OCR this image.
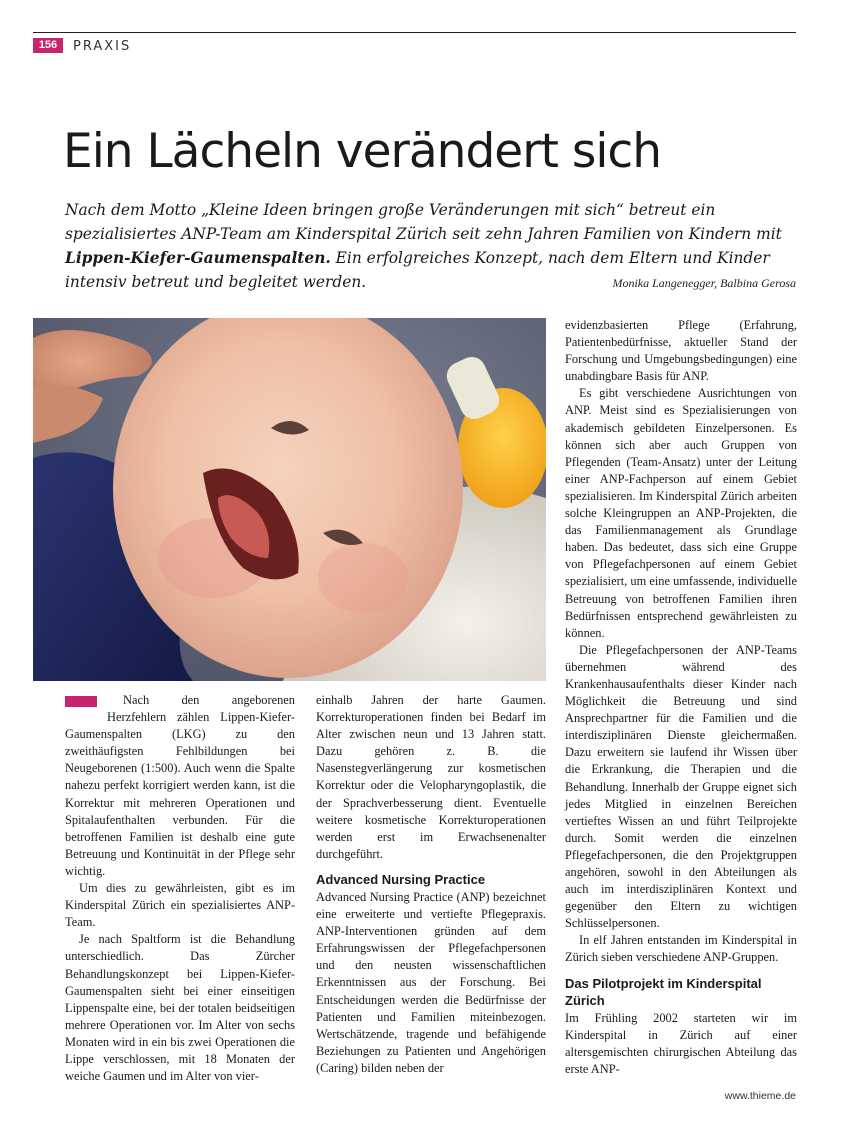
156	PRAXIS
Ein Lächeln verändert sich

Nach dem Motto „Kleine Ideen bringen große Veränderungen mit sich“ betreut ein spezialisiertes ANP-Team am Kinderspital Zürich seit zehn Jahren Familien von Kindern mit Lippen-Kiefer-Gaumenspalten. Ein erfolgreiches Konzept, nach dem Eltern und Kinder intensiv betreut und begleitet werden.	Monika Langenegger, Balbina Gerosa

Nach den angeborenen Herzfehlern zählen Lippen-Kiefer-Gaumenspalten (LKG) zu den zweithäufigsten Fehlbildungen bei Neugeborenen (1:500). Auch wenn die Spalte nahezu perfekt korrigiert werden kann, ist die Korrektur mit mehreren Operationen und Spitalaufenthalten verbunden. Für die betroffenen Familien ist deshalb eine gute Betreuung und Kontinuität in der Pflege sehr wichtig.

Um dies zu gewährleisten, gibt es im Kinderspital Zürich ein spezialisiertes ANP-Team.

Je nach Spaltform ist die Behandlung unterschiedlich. Das Zürcher Behandlungskonzept bei Lippen-Kiefer-Gaumenspalten sieht bei einer einseitigen Lippenspalte eine, bei der totalen beidseitigen mehrere Operationen vor. Im Alter von sechs Monaten wird in ein bis zwei Operationen die Lippe verschlossen, mit 18 Monaten der weiche Gaumen und im Alter von vier-

einhalb Jahren der harte Gaumen. Korrekturoperationen finden bei Bedarf im Alter zwischen neun und 13 Jahren statt. Dazu gehören z. B. die Nasenstegverlängerung zur kosmetischen Korrektur oder die Velopharyngoplastik, die der Sprachverbesserung dient. Eventuelle weitere kosmetische Korrekturoperationen werden erst im Erwachsenenalter durchgeführt.

Advanced Nursing Practice

Advanced Nursing Practice (ANP) bezeichnet eine erweiterte und vertiefte Pflegepraxis. ANP-Interventionen gründen auf dem Erfahrungswissen der Pflegefachpersonen und den neusten wissenschaftlichen Erkenntnissen aus der Forschung. Bei Entscheidungen werden die Bedürfnisse der Patienten und Familien miteinbezogen. Wertschätzende, tragende und befähigende Beziehungen zu Patienten und Angehörigen (Caring) bilden neben der

evidenzbasierten Pflege (Erfahrung, Patientenbedürfnisse, aktueller Stand der Forschung und Umgebungsbedingungen) eine unabdingbare Basis für ANP.

Es gibt verschiedene Ausrichtungen von ANP. Meist sind es Spezialisierungen von akademisch gebildeten Einzelpersonen. Es können sich aber auch Gruppen von Pflegenden (Team-Ansatz) unter der Leitung einer ANP-Fachperson auf einem Gebiet spezialisieren. Im Kinderspital Zürich arbeiten solche Kleingruppen an ANP-Projekten, die das Familienmanagement als Grundlage haben. Das bedeutet, dass sich eine Gruppe von Pflegefachpersonen auf einem Gebiet spezialisiert, um eine umfassende, individuelle Betreuung von betroffenen Familien ihren Bedürfnissen entsprechend gewährleisten zu können.

Die Pflegefachpersonen der ANP-Teams übernehmen während des Krankenhausaufenthalts dieser Kinder nach Möglichkeit die Betreuung und sind Ansprechpartner für die Familien und die interdisziplinären Dienste gleichermaßen. Dazu erweitern sie laufend ihr Wissen über die Erkrankung, die Therapien und die Behandlung. Innerhalb der Gruppe eignet sich jedes Mitglied in einzelnen Bereichen vertieftes Wissen an und führt Teilprojekte durch. Somit werden die einzelnen Pflegefachpersonen, die den Projektgruppen angehören, sowohl in den Abteilungen als auch im interdisziplinären Kontext und gegenüber den Eltern zu wichtigen Schlüsselpersonen.

In elf Jahren entstanden im Kinderspital in Zürich sieben verschiedene ANP-Gruppen.

Das Pilotprojekt im Kinderspital Zürich

Im Frühling 2002 starteten wir im Kinderspital in Zürich auf einer altersgemischten chirurgischen Abteilung das erste ANP-

www.thieme.de
